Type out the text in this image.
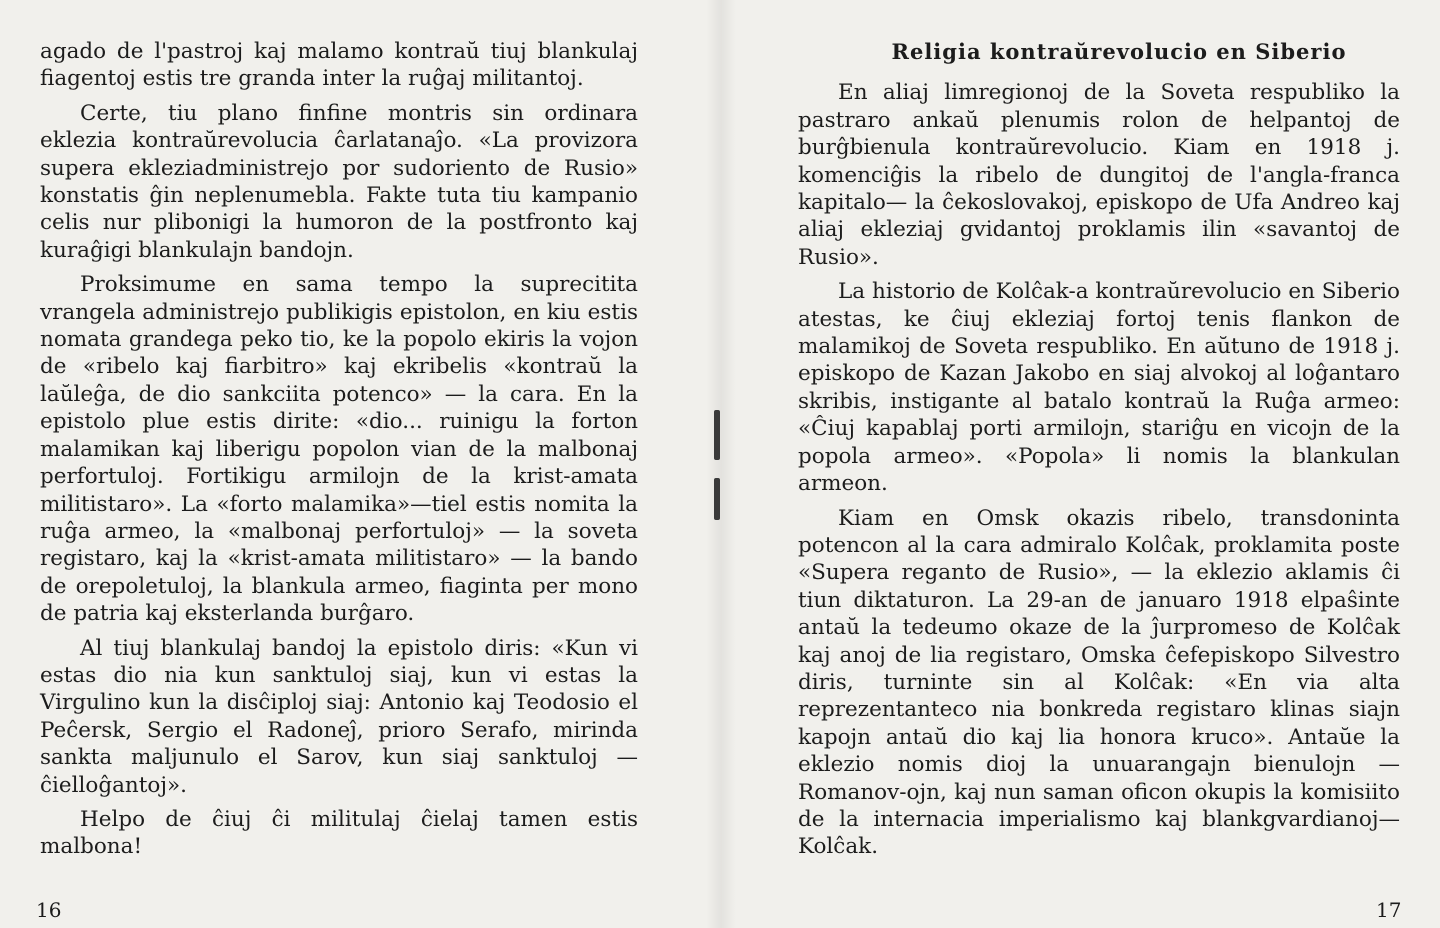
agado de l'pastroj kaj malamo kontraŭ tiuj blankulaj fiagentoj estis tre granda inter la ruĝaj militantoj.

Certe, tiu plano finfine montris sin ordinara eklezia kontraŭrevolucia ĉarlatanaĵo. «La provizora supera ekleziadministrejo por sudoriento de Rusio» konstatis ĝin neplenumebla. Fakte tuta tiu kampanio celis nur plibonigi la humoron de la postfronto kaj kuraĝigi blankulajn bandojn.

Proksimume en sama tempo la suprecitita vrangela administrejo publikigis epistolon, en kiu estis nomata grandega peko tio, ke la popolo ekiris la vojon de «ribelo kaj fiarbitro» kaj ekribelis «kontraŭ la laŭleĝa, de dio sankciita potenco» — la cara. En la epistolo plue estis dirite: «dio... ruinigu la forton malamikan kaj liberigu popolon vian de la malbonaj perfortuloj. Fortikigu armilojn de la krist-amata militistaro». La «forto malamika»—tiel estis nomita la ruĝa armeo, la «malbonaj perfortuloj» — la soveta registaro, kaj la «krist-amata militistaro» — la bando de orepoletuloj, la blankula armeo, fiaginta per mono de patria kaj eksterlanda burĝaro.

Al tiuj blankulaj bandoj la epistolo diris: «Kun vi estas dio nia kun sanktuloj siaj, kun vi estas la Virgulino kun la disĉiploj siaj: Antonio kaj Teodosio el Peĉersk, Sergio el Radoneĵ, prioro Serafo, mirinda sankta maljunulo el Sarov, kun siaj sanktuloj — ĉielloĝantoj».

Helpo de ĉiuj ĉi militulaj ĉielaj tamen estis malbona!

16
Religia kontraŭrevolucio en Siberio

En aliaj limregionoj de la Soveta respubliko la pastraro ankaŭ plenumis rolon de helpantoj de burĝbienula kontraŭrevolucio. Kiam en 1918 j. komenciĝis la ribelo de dungitoj de l'angla-franca kapitalo— la ĉekoslovakoj, episkopo de Ufa Andreo kaj aliaj ekleziaj gvidantoj proklamis ilin «savantoj de Rusio».

La historio de Kolĉak-a kontraŭrevolucio en Siberio atestas, ke ĉiuj ekleziaj fortoj tenis flankon de malamikoj de Soveta respubliko. En aŭtuno de 1918 j. episkopo de Kazan Jakobo en siaj alvokoj al loĝantaro skribis, instigante al batalo kontraŭ la Ruĝa armeo: «Ĉiuj kapablaj porti armilojn, stariĝu en vicojn de la popola armeo». «Popola» li nomis la blankulan armeon.

Kiam en Omsk okazis ribelo, transdoninta potencon al la cara admiralo Kolĉak, proklamita poste «Supera reganto de Rusio», — la eklezio aklamis ĉi tiun diktaturon. La 29-an de januaro 1918 elpaŝinte antaŭ la tedeumo okaze de la ĵurpromeso de Kolĉak kaj anoj de lia registaro, Omska ĉefepiskopo Silvestro diris, turninte sin al Kolĉak: «En via alta reprezentanteco nia bonkreda registaro klinas siajn kapojn antaŭ dio kaj lia honora kruco». Antaŭe la eklezio nomis dioj la unuarangajn bienulojn — Romanov-ojn, kaj nun saman oficon okupis la komisiito de la internacia imperialismo kaj blankgvardianoj— Kolĉak.

17
